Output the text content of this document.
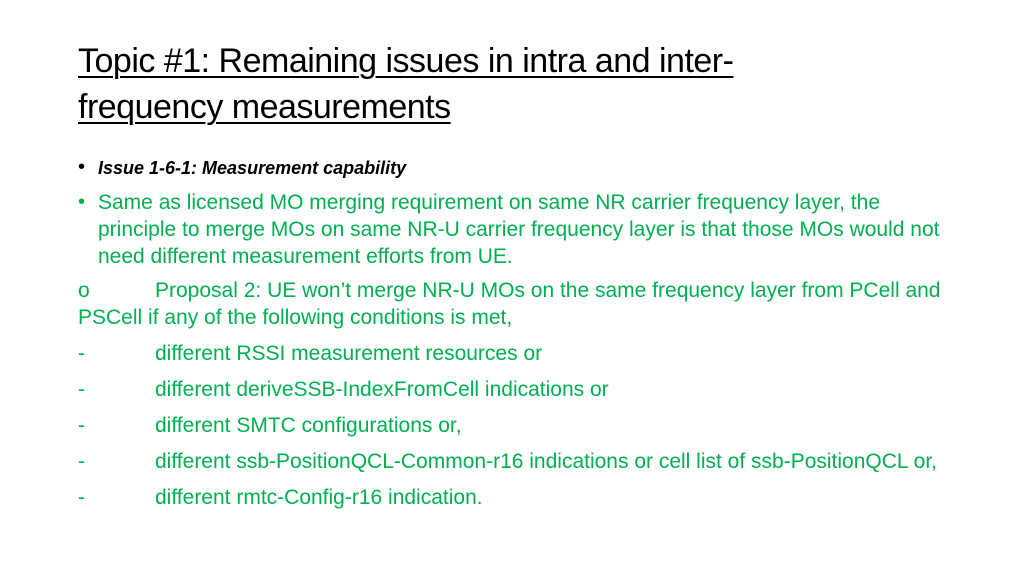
Topic #1: Remaining issues in intra and inter-
frequency measurements
• Issue 1-6-1: Measurement capability
• Same as licensed MO merging requirement on same NR carrier frequency layer, the principle to merge MOs on same NR-U carrier frequency layer is that those MOs would not need different measurement efforts from UE.
o	Proposal 2: UE won’t merge NR-U MOs on the same frequency layer from PCell and PSCell if any of the following conditions is met,
-	different RSSI measurement resources or
-	different deriveSSB-IndexFromCell indications or
-	different SMTC configurations or,
-	different ssb-PositionQCL-Common-r16 indications or cell list of ssb-PositionQCL or,
-	different rmtc-Config-r16 indication.
